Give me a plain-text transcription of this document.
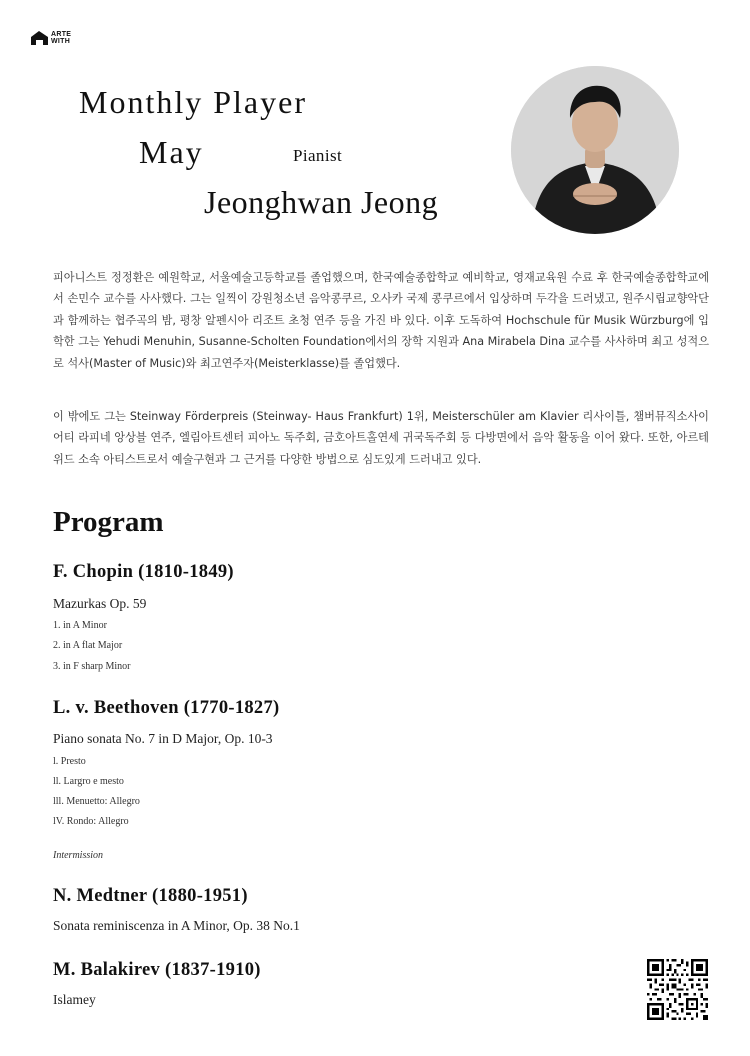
ARTE
WITH
Monthly Player
May	Pianist
Jeonghwan Jeong

피아니스트 정정환은 예원학교, 서울예술고등학교를 졸업했으며, 한국예술종합학교 예비학교, 영재교육원 수료 후 한국예술종합학교에서 손민수 교수를 사사했다. 그는 일찍이 강원청소년 음악콩쿠르, 오사카 국제 콩쿠르에서 입상하며 두각을 드러냈고, 원주시립교향악단과 함께하는 협주곡의 밤, 평창 알펜시아 리조트 초청 연주 등을 가진 바 있다. 이후 도독하여 Hochschule für Musik Würzburg에 입학한 그는 Yehudi Menuhin, Susanne-Scholten Foundation에서의 장학 지원과 Ana Mirabela Dina 교수를 사사하며 최고 성적으로 석사(Master of Music)와 최고연주자(Meisterklasse)를 졸업했다.

이 밖에도 그는 Steinway Förderpreis (Steinway- Haus Frankfurt) 1위, Meisterschüler am Klavier 리사이틀, 챔버뮤직소사이어티 라피네 앙상블 연주, 엘림아트센터 피아노 독주회, 금호아트홀연세 귀국독주회 등 다방면에서 음악 활동을 이어 왔다. 또한, 아르테위드 소속 아티스트로서 예술구현과 그 근거를 다양한 방법으로 심도있게 드러내고 있다.

Program
F. Chopin (1810-1849)
Mazurkas Op. 59
1. in A Minor
2. in A flat Major
3. in F sharp Minor
L. v. Beethoven (1770-1827)
Piano sonata No. 7 in D Major, Op. 10-3
l. Presto
ll. Largro e mesto
lll. Menuetto: Allegro
lV. Rondo: Allegro
Intermission
N. Medtner (1880-1951)
Sonata reminiscenza in A Minor, Op. 38 No.1
M. Balakirev (1837-1910)
Islamey
